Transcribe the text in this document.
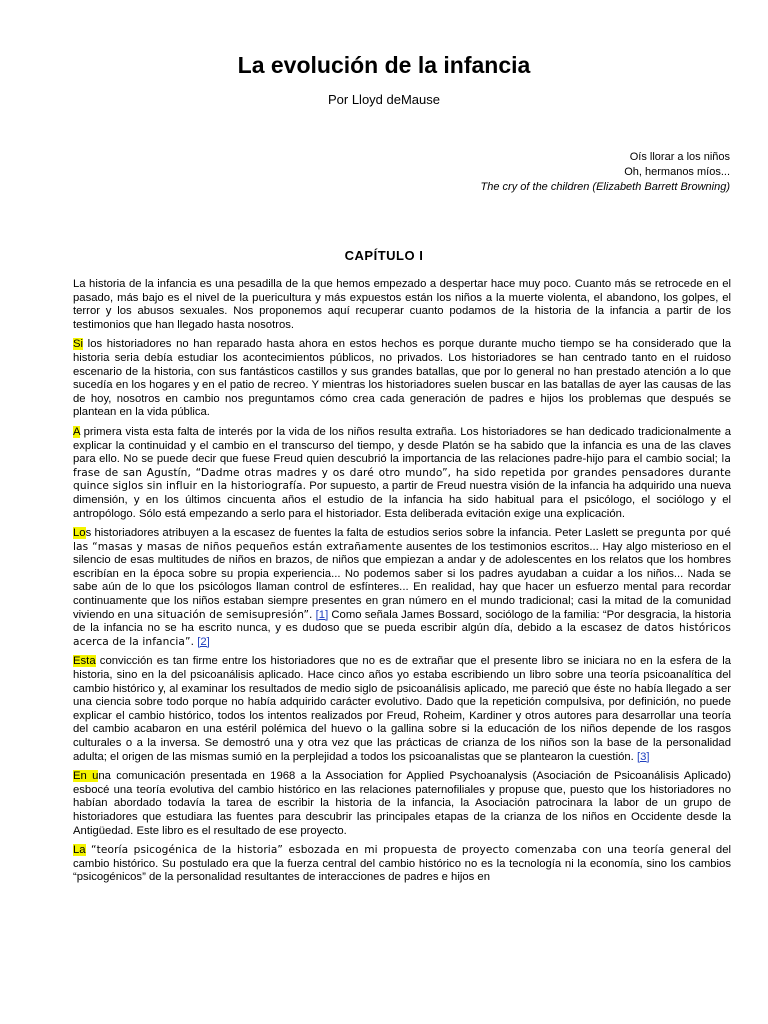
La evolución de la infancia
Por Lloyd deMause
Oís llorar a los niños
Oh, hermanos míos...
The cry of the children (Elizabeth Barrett Browning)
CAPÍTULO I

La historia de la infancia es una pesadilla de la que hemos empezado a despertar hace muy poco. Cuanto más se retrocede en el pasado, más bajo es el nivel de la puericultura y más expuestos están los niños a la muerte violenta, el abandono, los golpes, el terror y los abusos sexuales. Nos proponemos aquí recuperar cuanto podamos de la historia de la infancia a partir de los testimonios que han llegado hasta nosotros.

Si los historiadores no han reparado hasta ahora en estos hechos es porque durante mucho tiempo se ha considerado que la historia seria debía estudiar los acontecimientos públicos, no privados. Los historiadores se han centrado tanto en el ruidoso escenario de la historia, con sus fantásticos castillos y sus grandes batallas, que por lo general no han prestado atención a lo que sucedía en los hogares y en el patio de recreo. Y mientras los historiadores suelen buscar en las batallas de ayer las causas de las de hoy, nosotros en cambio nos preguntamos cómo crea cada generación de padres e hijos los problemas que después se plantean en la vida pública.

A primera vista esta falta de interés por la vida de los niños resulta extraña. Los historiadores se han dedicado tradicionalmente a explicar la continuidad y el cambio en el transcurso del tiempo, y desde Platón se ha sabido que la infancia es una de las claves para ello. No se puede decir que fuese Freud quien descubrió la importancia de las relaciones padre-hijo para el cambio social; la frase de san Agustín, “Dadme otras madres y os daré otro mundo”, ha sido repetida por grandes pensadores durante quince siglos sin influir en la historiografía. Por supuesto, a partir de Freud nuestra visión de la infancia ha adquirido una nueva dimensión, y en los últimos cincuenta años el estudio de la infancia ha sido habitual para el psicólogo, el sociólogo y el antropólogo. Sólo está empezando a serlo para el historiador. Esta deliberada evitación exige una explicación.

Los historiadores atribuyen a la escasez de fuentes la falta de estudios serios sobre la infancia. Peter Laslett se pregunta por qué las “masas y masas de niños pequeños están extrañamente ausentes de los testimonios escritos... Hay algo misterioso en el silencio de esas multitudes de niños en brazos, de niños que empiezan a andar y de adolescentes en los relatos que los hombres escribían en la época sobre su propia experiencia... No podemos saber si los padres ayudaban a cuidar a los niños... Nada se sabe aún de lo que los psicólogos llaman control de esfínteres... En realidad, hay que hacer un esfuerzo mental para recordar continuamente que los niños estaban siempre presentes en gran número en el mundo tradicional; casi la mitad de la comunidad viviendo en una situación de semisupresión”. [1] Como señala James Bossard, sociólogo de la familia: “Por desgracia, la historia de la infancia no se ha escrito nunca, y es dudoso que se pueda escribir algún día, debido a la escasez de datos históricos acerca de la infancia”. [2]

Esta convicción es tan firme entre los historiadores que no es de extrañar que el presente libro se iniciara no en la esfera de la historia, sino en la del psicoanálisis aplicado. Hace cinco años yo estaba escribiendo un libro sobre una teoría psicoanalítica del cambio histórico y, al examinar los resultados de medio siglo de psicoanálisis aplicado, me pareció que éste no había llegado a ser una ciencia sobre todo porque no había adquirido carácter evolutivo. Dado que la repetición compulsiva, por definición, no puede explicar el cambio histórico, todos los intentos realizados por Freud, Roheim, Kardiner y otros autores para desarrollar una teoría del cambio acabaron en una estéril polémica del huevo o la gallina sobre si la educación de los niños depende de los rasgos culturales o a la inversa. Se demostró una y otra vez que las prácticas de crianza de los niños son la base de la personalidad adulta; el origen de las mismas sumió en la perplejidad a todos los psicoanalistas que se plantearon la cuestión. [3]

En una comunicación presentada en 1968 a la Association for Applied Psychoanalysis (Asociación de Psicoanálisis Aplicado) esbocé una teoría evolutiva del cambio histórico en las relaciones paternofiliales y propuse que, puesto que los historiadores no habían abordado todavía la tarea de escribir la historia de la infancia, la Asociación patrocinara la labor de un grupo de historiadores que estudiara las fuentes para descubrir las principales etapas de la crianza de los niños en Occidente desde la Antigüedad. Este libro es el resultado de ese proyecto.

La “teoría psicogénica de la historia” esbozada en mi propuesta de proyecto comenzaba con una teoría general del cambio histórico. Su postulado era que la fuerza central del cambio histórico no es la tecnología ni la economía, sino los cambios “psicogénicos” de la personalidad resultantes de interacciones de padres e hijos en
